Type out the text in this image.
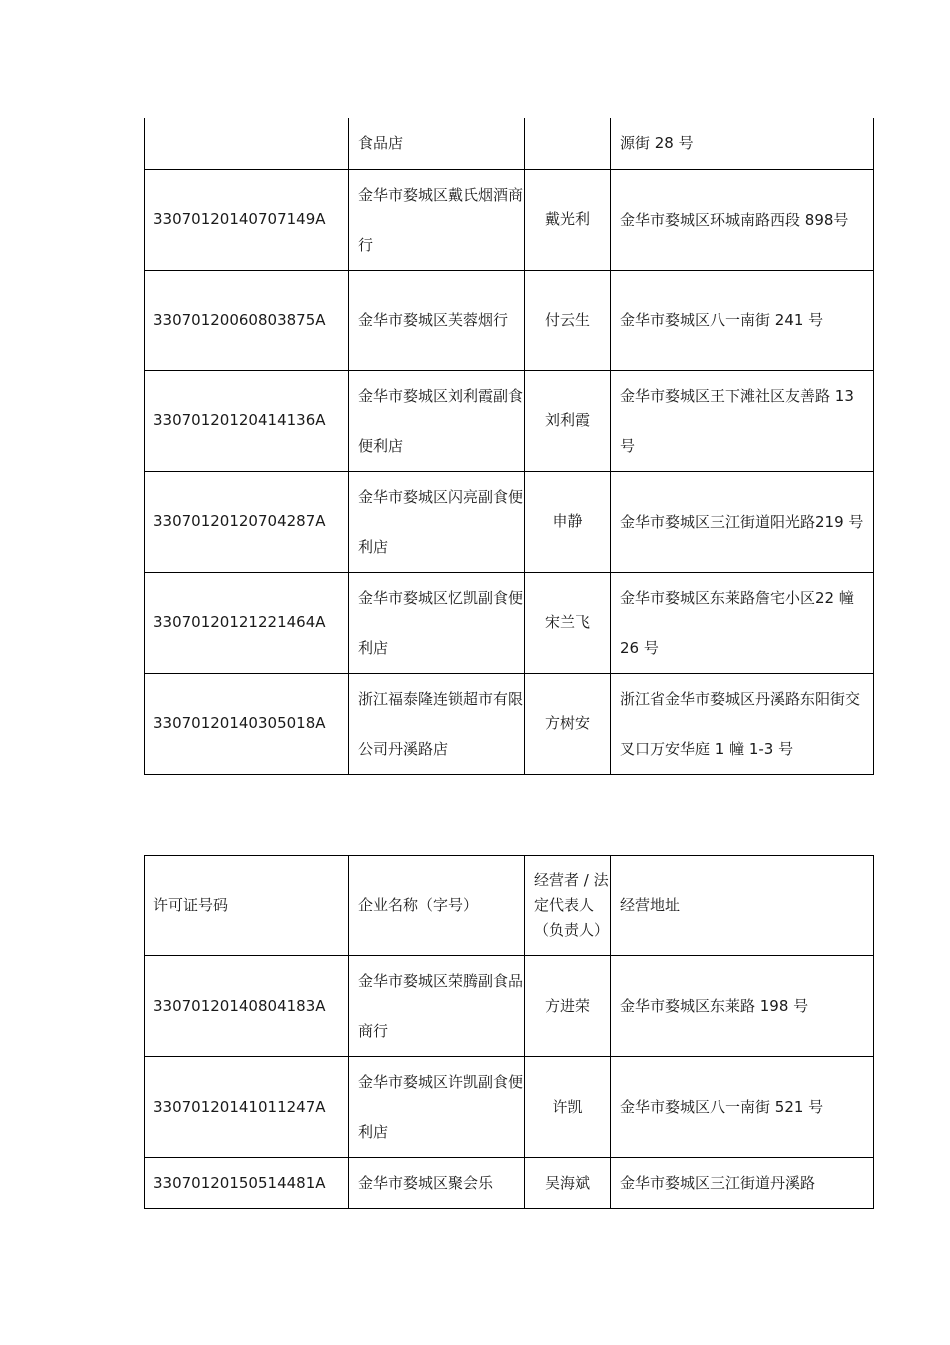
	食品店		源街 28 号
33070120140707149A	金华市婺城区戴氏烟酒商行	戴光利	金华市婺城区环城南路西段 898号
33070120060803875A	金华市婺城区芙蓉烟行	付云生	金华市婺城区八一南街 241 号
33070120120414136A	金华市婺城区刘利霞副食便利店	刘利霞	金华市婺城区王下滩社区友善路 13 号
33070120120704287A	金华市婺城区闪亮副食便利店	申静	金华市婺城区三江街道阳光路219 号
33070120121221464A	金华市婺城区忆凯副食便利店	宋兰飞	金华市婺城区东莱路詹宅小区22 幢 26 号
33070120140305018A	浙江福泰隆连锁超市有限公司丹溪路店	方树安	浙江省金华市婺城区丹溪路东阳街交叉口万安华庭 1 幢 1-3 号
许可证号码	企业名称（字号）	经营者 / 法定代表人（负责人）	经营地址
33070120140804183A	金华市婺城区荣腾副食品商行	方进荣	金华市婺城区东莱路 198 号
33070120141011247A	金华市婺城区许凯副食便利店	许凯	金华市婺城区八一南街 521 号
33070120150514481A	金华市婺城区聚会乐	吴海斌	金华市婺城区三江街道丹溪路
